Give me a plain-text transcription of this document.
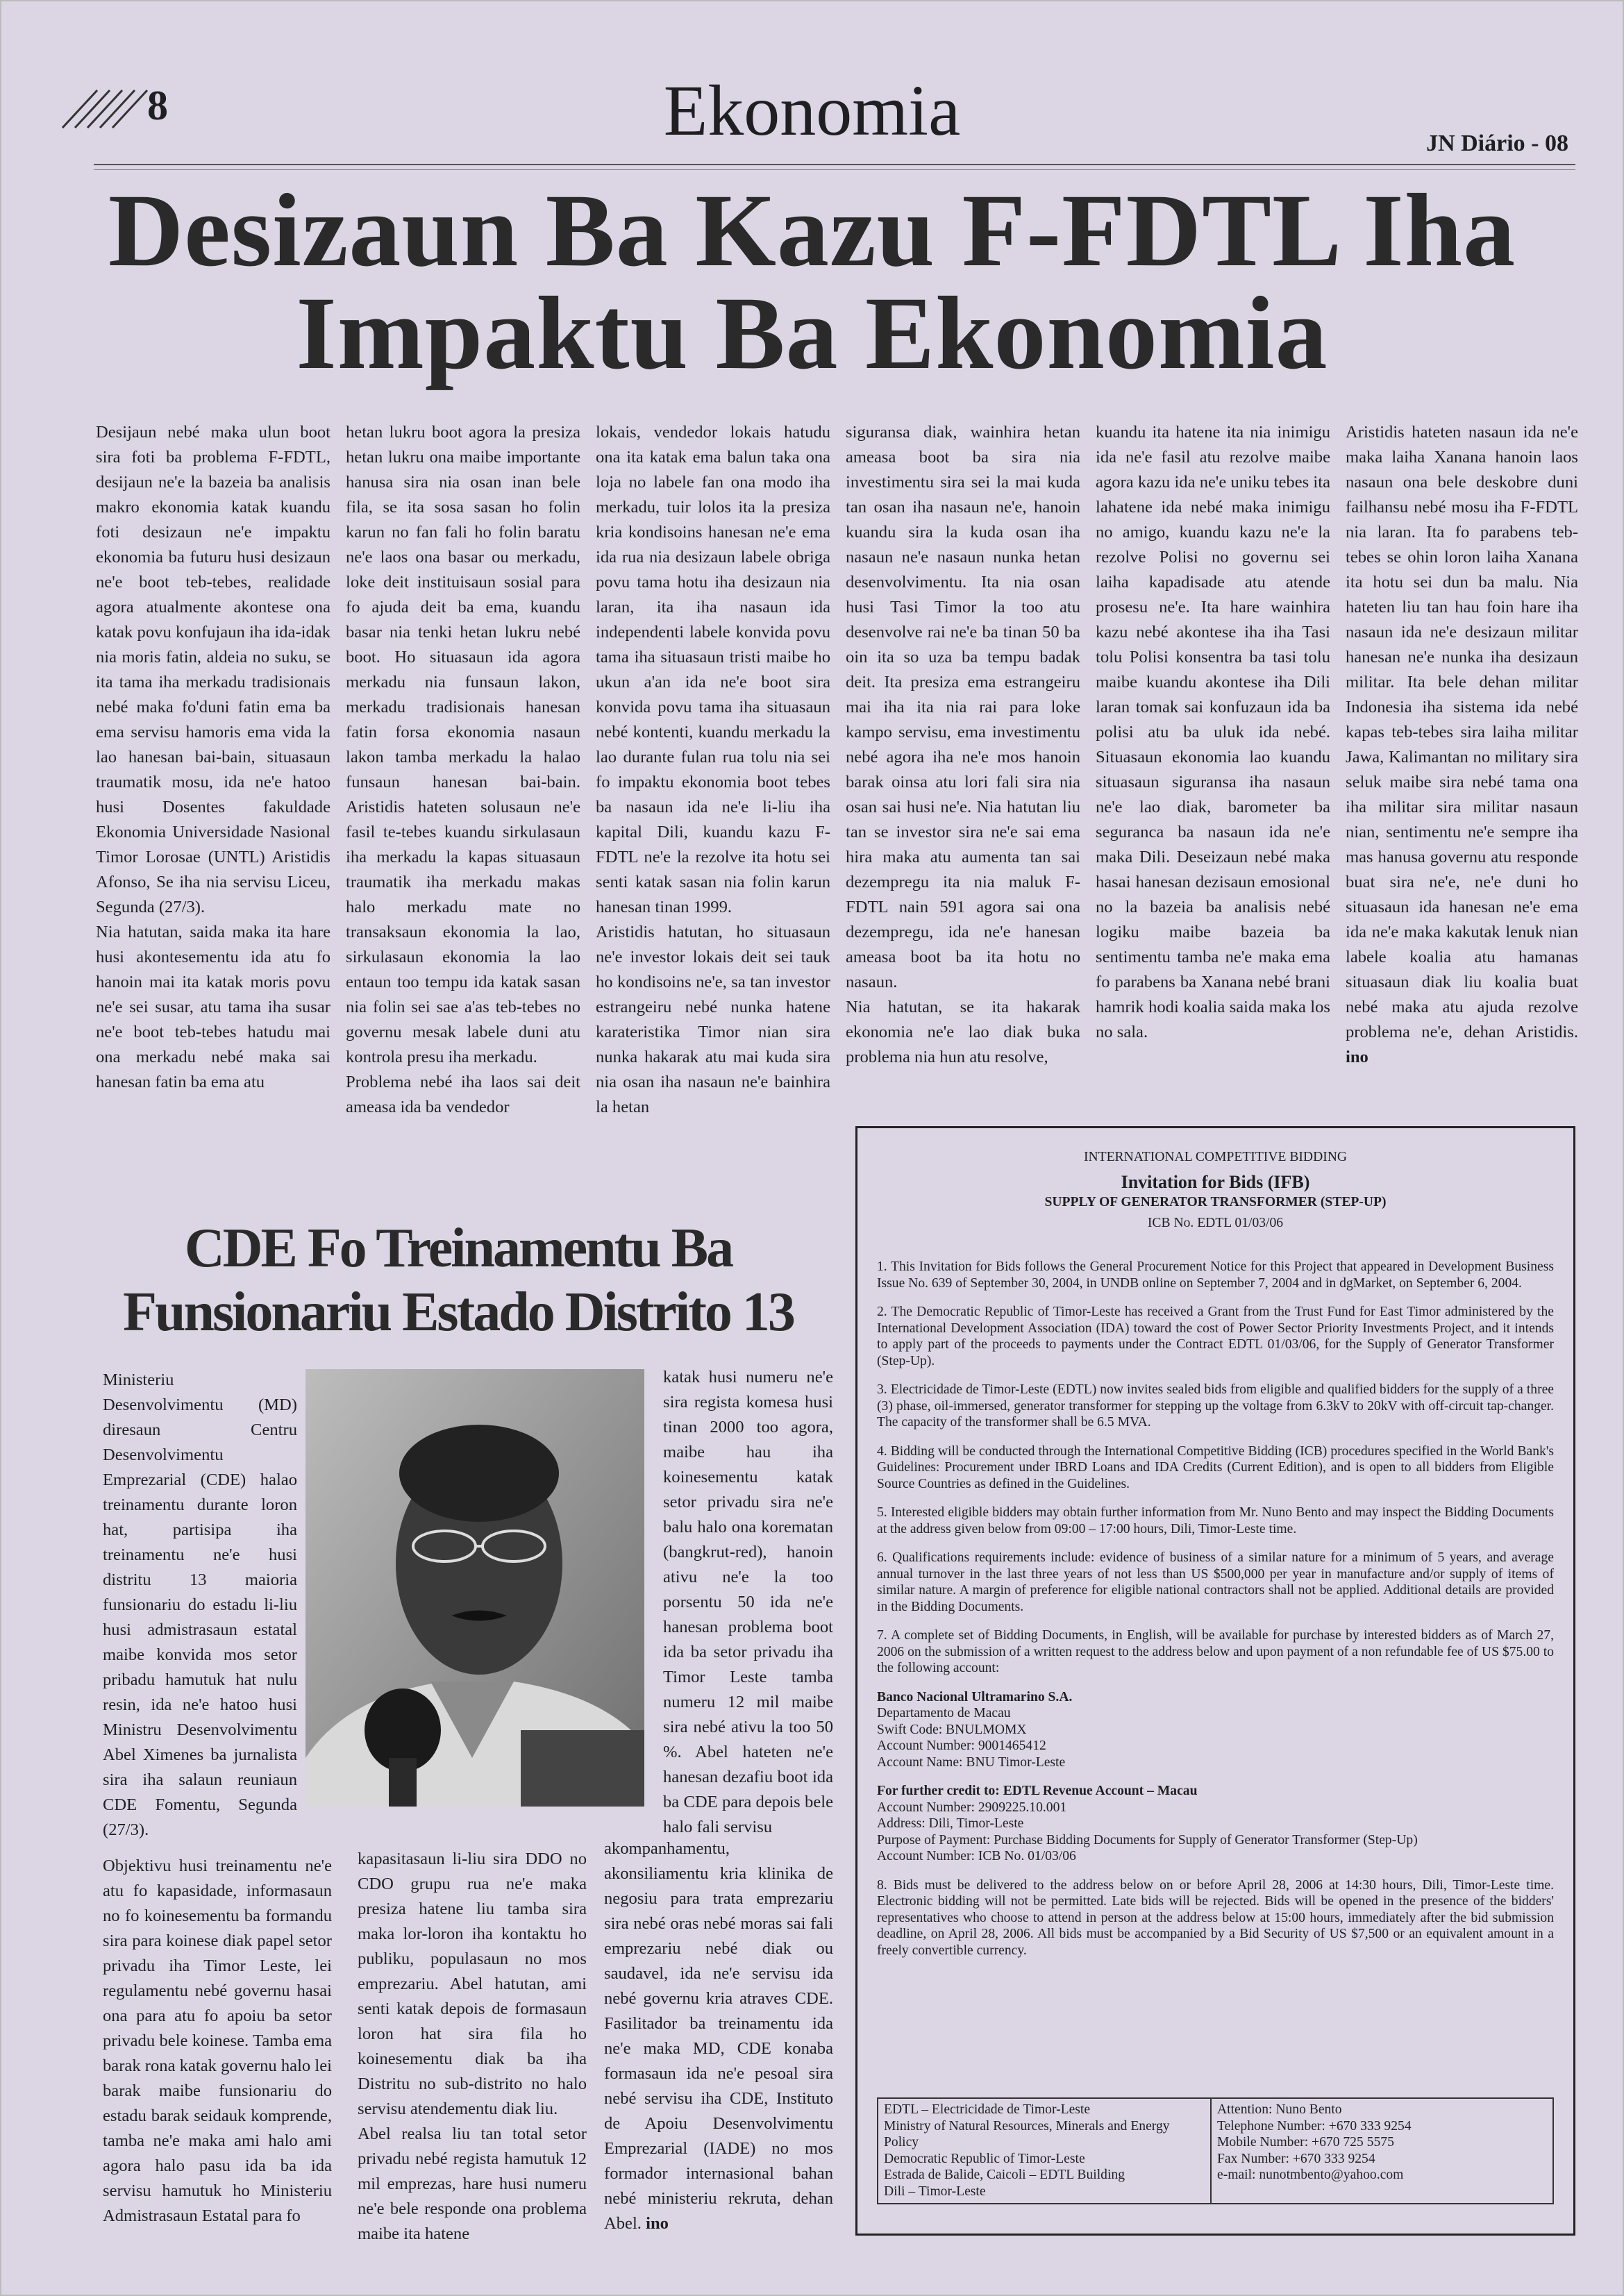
8	Ekonomia	JN Diário - 08
Desizaun Ba Kazu F-FDTL Iha
Impaktu Ba Ekonomia

Desijaun nebé maka ulun boot sira foti ba problema F-FDTL, desijaun ne'e la bazeia ba analisis makro ekonomia katak kuandu foti desizaun ne'e impaktu ekonomia ba futuru husi desizaun ne'e boot teb-tebes, realidade agora atualmente akontese ona katak povu konfujaun iha ida-idak nia moris fatin, aldeia no suku, se ita tama iha merkadu tradisionais nebé maka fo'duni fatin ema ba ema servisu hamoris ema vida la lao hanesan bai-bain, situasaun traumatik mosu, ida ne'e hatoo husi Dosentes fakuldade Ekonomia Universidade Nasional Timor Lorosae (UNTL) Aristidis Afonso, Se iha nia servisu Liceu, Segunda (27/3).

Nia hatutan, saida maka ita hare husi akontesementu ida atu fo hanoin mai ita katak moris povu ne'e sei susar, atu tama iha susar ne'e boot teb-tebes hatudu mai ona merkadu nebé maka sai hanesan fatin ba ema atu

hetan lukru boot agora la presiza hetan lukru ona maibe importante hanusa sira nia osan inan bele fila, se ita sosa sasan ho folin karun no fan fali ho folin baratu ne'e laos ona basar ou merkadu, loke deit instituisaun sosial para fo ajuda deit ba ema, kuandu basar nia tenki hetan lukru nebé boot. Ho situasaun ida agora merkadu nia funsaun lakon, merkadu tradisionais hanesan fatin forsa ekonomia nasaun lakon tamba merkadu la halao funsaun hanesan bai-bain. Aristidis hateten solusaun ne'e fasil te-tebes kuandu sirkulasaun iha merkadu la kapas situasaun traumatik iha merkadu makas halo merkadu mate no transaksaun ekonomia la lao, sirkulasaun ekonomia la lao entaun too tempu ida katak sasan nia folin sei sae a'as teb-tebes no governu mesak labele duni atu kontrola presu iha merkadu.

Problema nebé iha laos sai deit ameasa ida ba vendedor

lokais, vendedor lokais hatudu ona ita katak ema balun taka ona loja no labele fan ona modo iha merkadu, tuir lolos ita la presiza kria kondisoins hanesan ne'e ema ida rua nia desizaun labele obriga povu tama hotu iha desizaun nia laran, ita iha nasaun ida independenti labele konvida povu tama iha situasaun tristi maibe ho ukun a'an ida ne'e boot sira konvida povu tama iha situasaun nebé kontenti, kuandu merkadu la lao durante fulan rua tolu nia sei fo impaktu ekonomia boot tebes ba nasaun ida ne'e li-liu iha kapital Dili, kuandu kazu F-FDTL ne'e la rezolve ita hotu sei senti katak sasan nia folin karun hanesan tinan 1999.

Aristidis hatutan, ho situasaun ne'e investor lokais deit sei tauk ho kondisoins ne'e, sa tan investor estrangeiru nebé nunka hatene karateristika Timor nian sira nunka hakarak atu mai kuda sira nia osan iha nasaun ne'e bainhira la hetan

siguransa diak, wainhira hetan ameasa boot ba sira nia investimentu sira sei la mai kuda tan osan iha nasaun ne'e, hanoin kuandu sira la kuda osan iha nasaun ne'e nasaun nunka hetan desenvolvimentu. Ita nia osan husi Tasi Timor la too atu desenvolve rai ne'e ba tinan 50 ba oin ita so uza ba tempu badak deit. Ita presiza ema estrangeiru mai iha ita nia rai para loke kampo servisu, ema investimentu nebé agora iha ne'e mos hanoin barak oinsa atu lori fali sira nia osan sai husi ne'e. Nia hatutan liu tan se investor sira ne'e sai ema hira maka atu aumenta tan sai dezempregu ita nia maluk F-FDTL nain 591 agora sai ona dezempregu, ida ne'e hanesan ameasa boot ba ita hotu no nasaun.

Nia hatutan, se ita hakarak ekonomia ne'e lao diak buka problema nia hun atu resolve,

kuandu ita hatene ita nia inimigu ida ne'e fasil atu rezolve maibe agora kazu ida ne'e uniku tebes ita lahatene ida nebé maka inimigu no amigo, kuandu kazu ne'e la rezolve Polisi no governu sei laiha kapadisade atu atende prosesu ne'e. Ita hare wainhira kazu nebé akontese iha iha Tasi tolu Polisi konsentra ba tasi tolu maibe kuandu akontese iha Dili laran tomak sai konfuzaun ida ba polisi atu ba uluk ida nebé. Situasaun ekonomia lao kuandu situasaun siguransa iha nasaun ne'e lao diak, barometer ba seguranca ba nasaun ida ne'e maka Dili. Deseizaun nebé maka hasai hanesan dezisaun emosional no la bazeia ba analisis nebé logiku maibe bazeia ba sentimentu tamba ne'e maka ema fo parabens ba Xanana nebé brani hamrik hodi koalia saida maka los no sala.

Aristidis hateten nasaun ida ne'e maka laiha Xanana hanoin laos nasaun ona bele deskobre duni failhansu nebé mosu iha F-FDTL nia laran. Ita fo parabens teb-tebes se ohin loron laiha Xanana ita hotu sei dun ba malu. Nia hateten liu tan hau foin hare iha nasaun ida ne'e desizaun militar hanesan ne'e nunka iha desizaun militar. Ita bele dehan militar Indonesia iha sistema ida nebé kapas teb-tebes sira laiha militar Jawa, Kalimantan no military sira seluk maibe sira nebé tama ona iha militar sira militar nasaun nian, sentimentu ne'e sempre iha mas hanusa governu atu responde buat sira ne'e, ne'e duni ho situasaun ida hanesan ne'e ema ida ne'e maka kakutak lenuk nian labele koalia atu hamanas situasaun diak liu koalia buat nebé maka atu ajuda rezolve problema ne'e, dehan Aristidis. ino

CDE Fo Treinamentu Ba
Funsionariu Estado Distrito 13

Ministeriu Desenvolvimentu (MD) diresaun Centru Desenvolvimentu Emprezarial (CDE) halao treinamentu durante loron hat, partisipa iha treinamentu ne'e husi distritu 13 maioria funsionariu do estadu li-liu husi admistrasaun estatal maibe konvida mos setor pribadu hamutuk hat nulu resin, ida ne'e hatoo husi Ministru Desenvolvimentu Abel Ximenes ba jurnalista sira iha salaun reuniaun CDE Fomentu, Segunda (27/3).

Objektivu husi treinamentu ne'e atu fo kapasidade, informasaun no fo koinesementu ba formandu sira para koinese diak papel setor privadu iha Timor Leste, lei regulamentu nebé governu hasai ona para atu fo apoiu ba setor privadu bele koinese. Tamba ema barak rona katak governu halo lei barak maibe funsionariu do estadu barak seidauk komprende, tamba ne'e maka ami halo ami agora halo pasu ida ba ida servisu hamutuk ho Ministeriu Admistrasaun Estatal para fo

kapasitasaun li-liu sira DDO no CDO grupu rua ne'e maka presiza hatene liu tamba sira maka lor-loron iha kontaktu ho publiku, populasaun no mos emprezariu. Abel hatutan, ami senti katak depois de formasaun loron hat sira fila ho koinesementu diak ba iha Distritu no sub-distrito no halo servisu atendementu diak liu.

Abel realsa liu tan total setor privadu nebé regista hamutuk 12 mil emprezas, hare husi numeru ne'e bele responde ona problema maibe ita hatene

katak husi numeru ne'e sira regista komesa husi tinan 2000 too agora, maibe hau iha koinesementu katak setor privadu sira ne'e balu halo ona korematan (bangkrut-red), hanoin ativu ne'e la too porsentu 50 ida ne'e hanesan problema boot ida ba setor privadu iha Timor Leste tamba numeru 12 mil maibe sira nebé ativu la too 50 %. Abel hateten ne'e hanesan dezafiu boot ida ba CDE para depois bele halo fali servisu

akompanhamentu, akonsiliamentu kria klinika de negosiu para trata emprezariu sira nebé oras nebé moras sai fali emprezariu nebé diak ou saudavel, ida ne'e servisu ida nebé governu kria atraves CDE. Fasilitador ba treinamentu ida ne'e maka MD, CDE konaba formasaun ida ne'e pesoal sira nebé servisu iha CDE, Instituto de Apoiu Desenvolvimentu Emprezarial (IADE) no mos formador internasional bahan nebé ministeriu rekruta, dehan Abel. ino

INTERNATIONAL COMPETITIVE BIDDING

Invitation for Bids (IFB)

SUPPLY OF GENERATOR TRANSFORMER (STEP-UP)

ICB No. EDTL 01/03/06

1. This Invitation for Bids follows the General Procurement Notice for this Project that appeared in Development Business Issue No. 639 of September 30, 2004, in UNDB online on September 7, 2004 and in dgMarket, on September 6, 2004.

2. The Democratic Republic of Timor-Leste has received a Grant from the Trust Fund for East Timor administered by the International Development Association (IDA) toward the cost of Power Sector Priority Investments Project, and it intends to apply part of the proceeds to payments under the Contract EDTL 01/03/06, for the Supply of Generator Transformer (Step-Up).

3. Electricidade de Timor-Leste (EDTL) now invites sealed bids from eligible and qualified bidders for the supply of a three (3) phase, oil-immersed, generator transformer for stepping up the voltage from 6.3kV to 20kV with off-circuit tap-changer. The capacity of the transformer shall be 6.5 MVA.

4. Bidding will be conducted through the International Competitive Bidding (ICB) procedures specified in the World Bank's Guidelines: Procurement under IBRD Loans and IDA Credits (Current Edition), and is open to all bidders from Eligible Source Countries as defined in the Guidelines.

5. Interested eligible bidders may obtain further information from Mr. Nuno Bento and may inspect the Bidding Documents at the address given below from 09:00 – 17:00 hours, Dili, Timor-Leste time.

6. Qualifications requirements include: evidence of business of a similar nature for a minimum of 5 years, and average annual turnover in the last three years of not less than US $500,000 per year in manufacture and/or supply of items of similar nature. A margin of preference for eligible national contractors shall not be applied. Additional details are provided in the Bidding Documents.

7. A complete set of Bidding Documents, in English, will be available for purchase by interested bidders as of March 27, 2006 on the submission of a written request to the address below and upon payment of a non refundable fee of US $75.00 to the following account:

Banco Nacional Ultramarino S.A.

Departamento de Macau

Swift Code: BNULMOMX

Account Number: 9001465412

Account Name: BNU Timor-Leste

For further credit to: EDTL Revenue Account – Macau

Account Number: 2909225.10.001

Address: Dili, Timor-Leste

Purpose of Payment: Purchase Bidding Documents for Supply of Generator Transformer (Step-Up)

Account Number: ICB No. 01/03/06

8. Bids must be delivered to the address below on or before April 28, 2006 at 14:30 hours, Dili, Timor-Leste time. Electronic bidding will not be permitted. Late bids will be rejected. Bids will be opened in the presence of the bidders' representatives who choose to attend in person at the address below at 15:00 hours, immediately after the bid submission deadline, on April 28, 2006. All bids must be accompanied by a Bid Security of US $7,500 or an equivalent amount in a freely convertible currency.

EDTL – Electricidade de Timor-Leste

Ministry of Natural Resources, Minerals and Energy Policy

Democratic Republic of Timor-Leste

Estrada de Balide, Caicoli – EDTL Building

Dili – Timor-Leste

Attention: Nuno Bento

Telephone Number: +670 333 9254

Mobile Number: +670 725 5575

Fax Number: +670 333 9254

e-mail: nunotmbento@yahoo.com
